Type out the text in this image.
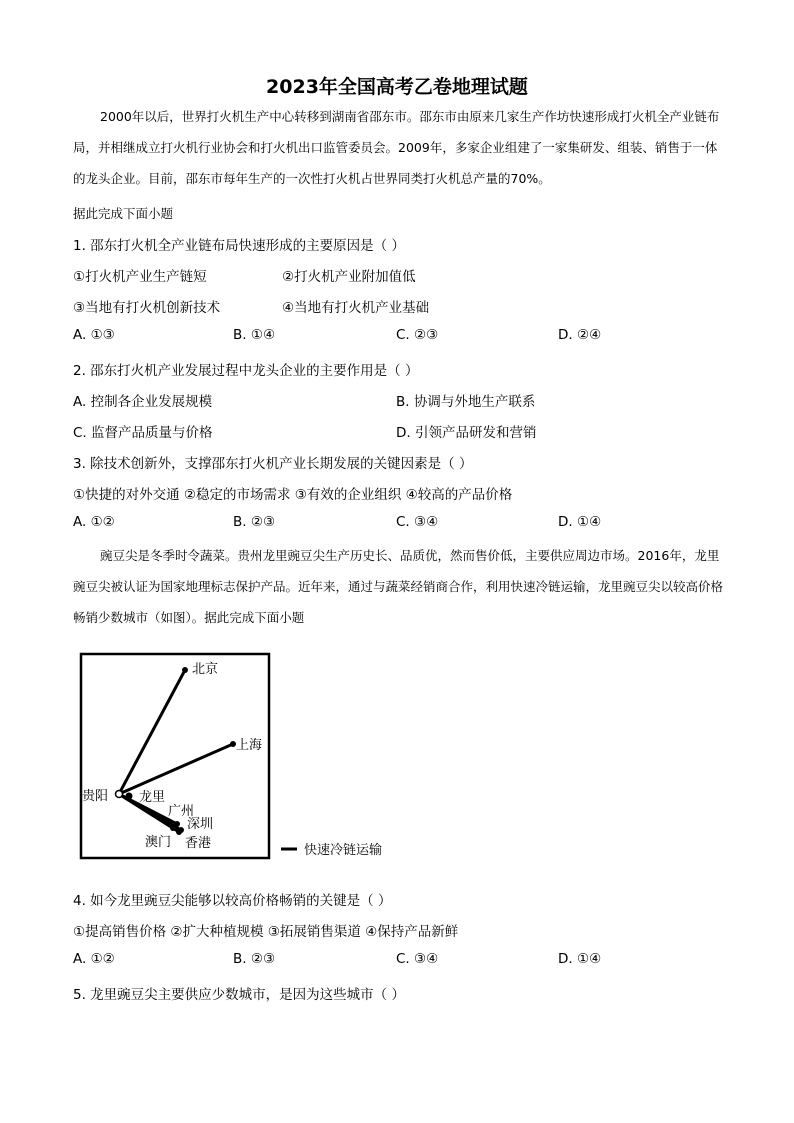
2023年全国高考乙卷地理试题
2000年以后，世界打火机生产中心转移到湖南省邵东市。邵东市由原来几家生产作坊快速形成打火机全产业链布局，并相继成立打火机行业协会和打火机出口监管委员会。2009年，多家企业组建了一家集研发、组装、销售于一体的龙头企业。目前，邵东市每年生产的一次性打火机占世界同类打火机总产量的70%。
据此完成下面小题
1. 邵东打火机全产业链布局快速形成的主要原因是（ ）
①打火机产业生产链短	②打火机产业附加值低
③当地有打火机创新技术	④当地有打火机产业基础
A. ①③	B. ①④	C. ②③	D. ②④
2. 邵东打火机产业发展过程中龙头企业的主要作用是（ ）
A. 控制各企业发展规模	B. 协调与外地生产联系
C. 监督产品质量与价格	D. 引领产品研发和营销
3. 除技术创新外，支撑邵东打火机产业长期发展的关键因素是（ ）
①快捷的对外交通 ②稳定的市场需求 ③有效的企业组织 ④较高的产品价格
A. ①②	B. ②③	C. ③④	D. ①④
豌豆尖是冬季时令蔬菜。贵州龙里豌豆尖生产历史长、品质优，然而售价低，主要供应周边市场。2016年，龙里豌豆尖被认证为国家地理标志保护产品。近年来，通过与蔬菜经销商合作，利用快速冷链运输，龙里豌豆尖以较高价格畅销少数城市（如图）。据此完成下面小题
北京
上海
贵阳 龙里
广州
深圳
澳门 香港	快速冷链运输
4. 如今龙里豌豆尖能够以较高价格畅销的关键是（ ）
①提高销售价格 ②扩大种植规模 ③拓展销售渠道 ④保持产品新鲜
A. ①②	B. ②③	C. ③④	D. ①④
5. 龙里豌豆尖主要供应少数城市，是因为这些城市（ ）
